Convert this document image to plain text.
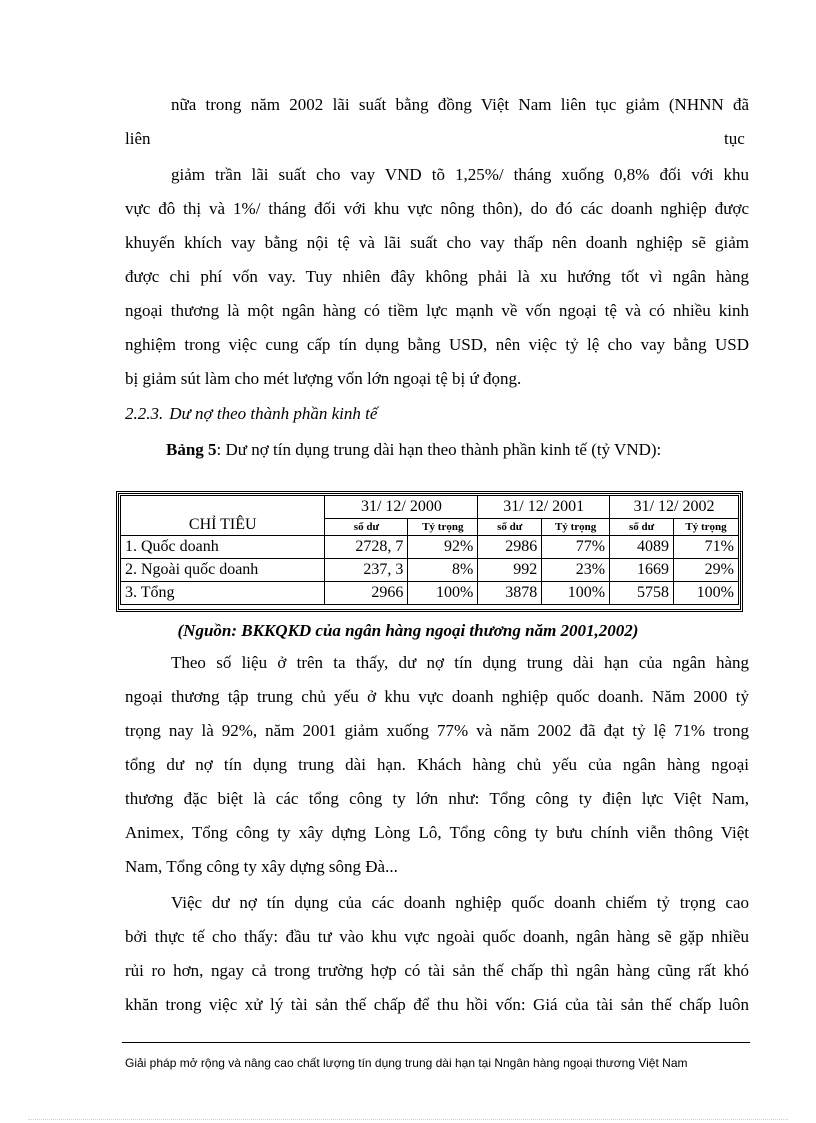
nữa trong năm 2002 lãi suất bằng đồng Việt Nam liên tục giảm (NHNN đã
liên	tục
giảm trần lãi suất cho vay VND tõ 1,25%/ tháng xuống 0,8% đối với khu
vực đô thị và 1%/ tháng đối với khu vực nông thôn), do đó các doanh nghiệp được
khuyến khích vay bằng nội tệ và lãi suất cho vay thấp nên doanh nghiệp sẽ giảm
được chi phí vốn vay. Tuy nhiên đây không phải là xu hướng tốt vì ngân hàng
ngoại thương là một ngân hàng có tiềm lực mạnh về vốn ngoại tệ và có nhiều kinh
nghiệm trong việc cung cấp tín dụng bằng USD, nên việc tỷ lệ cho vay bằng USD
bị giảm sút làm cho mét lượng vốn lớn ngoại tệ bị ứ đọng.
2.2.3. Dư nợ theo thành phần kinh tế
Bảng 5: Dư nợ tín dụng trung dài hạn theo thành phần kinh tế (tỷ VND):
CHỈ TIÊU	31/ 12/ 2000		31/ 12/ 2001		31/ 12/ 2002	
	số dư	Tỷ trọng	số dư	Tỷ trọng	số dư	Tỷ trọng
1. Quốc doanh	2728, 7	92%	2986	77%	4089	71%
2. Ngoài quốc doanh	237, 3	8%	992	23%	1669	29%
3. Tổng	2966	100%	3878	100%	5758	100%
(Nguồn: BKKQKD của ngân hàng ngoại thương năm 2001,2002)
Theo số liệu ở trên ta thấy, dư nợ tín dụng trung dài hạn của ngân hàng
ngoại thương tập trung chủ yếu ở khu vực doanh nghiệp quốc doanh. Năm 2000 tỷ
trọng nay là 92%, năm 2001 giảm xuống 77% và năm 2002 đã đạt tỷ lệ 71% trong
tổng dư nợ tín dụng trung dài hạn. Khách hàng chủ yếu của ngân hàng ngoại
thương đặc biệt là các tổng công ty lớn như: Tổng công ty điện lực Việt Nam,
Animex, Tổng công ty xây dựng Lòng Lô, Tổng công ty bưu chính viễn thông Việt
Nam, Tổng công ty xây dựng sông Đà...
Việc dư nợ tín dụng của các doanh nghiệp quốc doanh chiếm tỷ trọng cao
bởi thực tế cho thấy: đầu tư vào khu vực ngoài quốc doanh, ngân hàng sẽ gặp nhiều
rủi ro hơn, ngay cả trong trường hợp có tài sản thế chấp thì ngân hàng cũng rất khó
khăn trong việc xử lý tài sản thế chấp để thu hồi vốn: Giá của tài sản thế chấp luôn
Giải pháp mở rộng và nâng cao chất lượng tín dụng trung dài hạn tại Nngân hàng ngoại thương Việt Nam
